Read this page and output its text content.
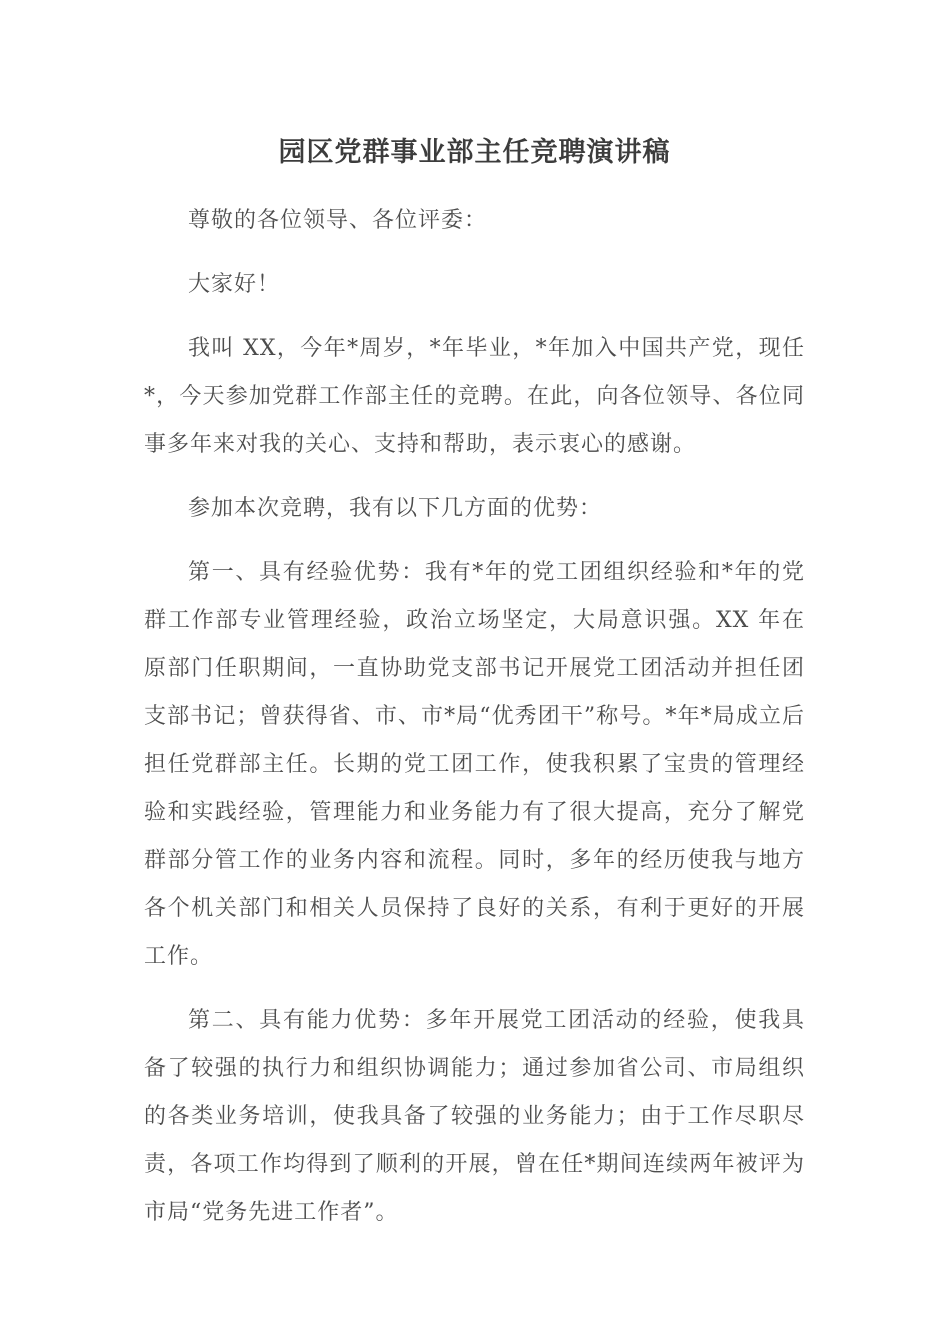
园区党群事业部主任竞聘演讲稿

尊敬的各位领导、各位评委：

大家好！

我叫 XX，今年*周岁，*年毕业，*年加入中国共产党，现任*，今天参加党群工作部主任的竞聘。在此，向各位领导、各位同事多年来对我的关心、支持和帮助，表示衷心的感谢。

参加本次竞聘，我有以下几方面的优势：

第一、具有经验优势：我有*年的党工团组织经验和*年的党群工作部专业管理经验，政治立场坚定，大局意识强。XX 年在原部门任职期间，一直协助党支部书记开展党工团活动并担任团支部书记；曾获得省、市、市*局“优秀团干”称号。*年*局成立后担任党群部主任。长期的党工团工作，使我积累了宝贵的管理经验和实践经验，管理能力和业务能力有了很大提高，充分了解党群部分管工作的业务内容和流程。同时，多年的经历使我与地方各个机关部门和相关人员保持了良好的关系，有利于更好的开展工作。

第二、具有能力优势：多年开展党工团活动的经验，使我具备了较强的执行力和组织协调能力；通过参加省公司、市局组织的各类业务培训，使我具备了较强的业务能力；由于工作尽职尽责，各项工作均得到了顺利的开展，曾在任*期间连续两年被评为市局“党务先进工作者”。
